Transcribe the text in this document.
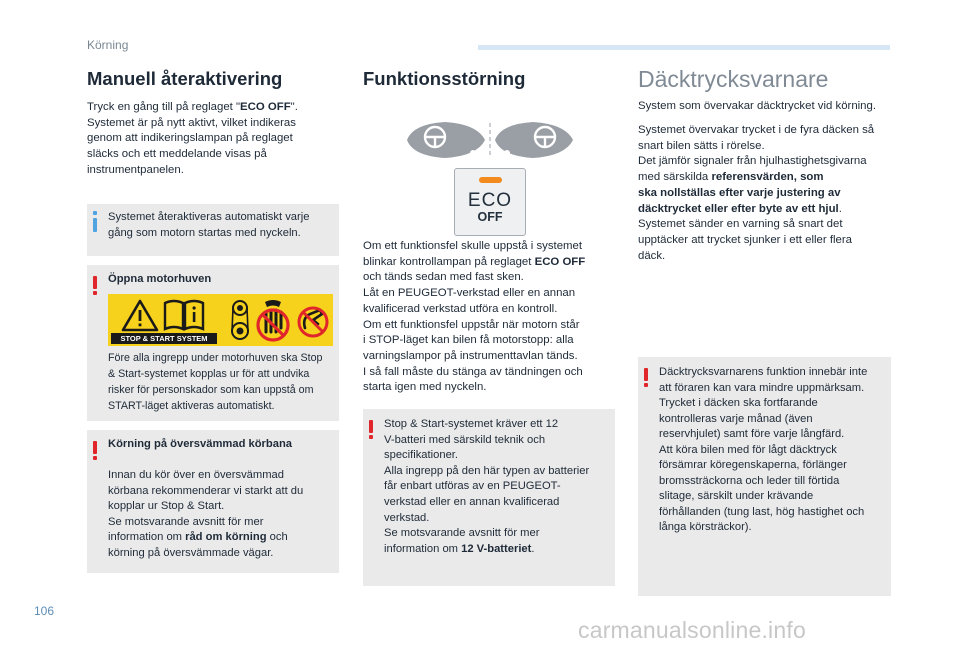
Körning
Manuell återaktivering
Tryck en gång till på reglaget "ECO OFF".
Systemet är på nytt aktivt, vilket indikeras
genom att indikeringslampan på reglaget
släcks och ett meddelande visas på
instrumentpanelen.
Systemet återaktiveras automatiskt varje
gång som motorn startas med nyckeln.
Öppna motorhuven
STOP & START SYSTEM
Före alla ingrepp under motorhuven ska Stop
& Start-systemet kopplas ur för att undvika
risker för personskador som kan uppstå om
START-läget aktiveras automatiskt.
Körning på översvämmad körbana
Innan du kör över en översvämmad
körbana rekommenderar vi starkt att du
kopplar ur Stop & Start.
Se motsvarande avsnitt för mer
information om råd om körning och
körning på översvämmade vägar.
Funktionsstörning
ECO
OFF
Om ett funktionsfel skulle uppstå i systemet
blinkar kontrollampan på reglaget ECO OFF
och tänds sedan med fast sken.
Låt en PEUGEOT-verkstad eller en annan
kvalificerad verkstad utföra en kontroll.
Om ett funktionsfel uppstår när motorn står
i STOP-läget kan bilen få motorstopp: alla
varningslampor på instrumenttavlan tänds.
I så fall måste du stänga av tändningen och
starta igen med nyckeln.
Stop & Start-systemet kräver ett 12
V-batteri med särskild teknik och
specifikationer.
Alla ingrepp på den här typen av batterier
får enbart utföras av en PEUGEOT-
verkstad eller en annan kvalificerad
verkstad.
Se motsvarande avsnitt för mer
information om 12 V-batteriet.
Däcktrycksvarnare
System som övervakar däcktrycket vid körning.
Systemet övervakar trycket i de fyra däcken så
snart bilen sätts i rörelse.
Det jämför signaler från hjulhastighetsgivarna
med särskilda referensvärden, som
ska nollställas efter varje justering av
däcktrycket eller efter byte av ett hjul.
Systemet sänder en varning så snart det
upptäcker att trycket sjunker i ett eller flera
däck.
Däcktrycksvarnarens funktion innebär inte
att föraren kan vara mindre uppmärksam.
Trycket i däcken ska fortfarande
kontrolleras varje månad (även
reservhjulet) samt före varje långfärd.
Att köra bilen med för lågt däcktryck
försämrar köregenskaperna, förlänger
bromssträckorna och leder till förtida
slitage, särskilt under krävande
förhållanden (tung last, hög hastighet och
långa körsträckor).
106
carmanualsonline.info
